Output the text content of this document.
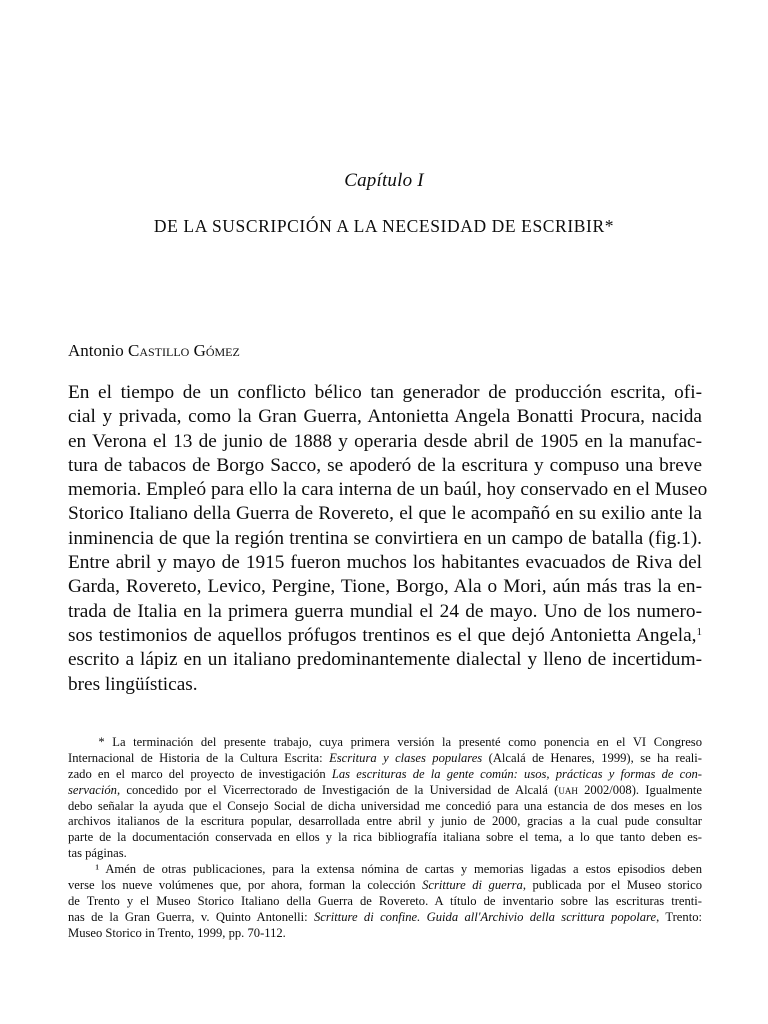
Capítulo I
DE LA SUSCRIPCIÓN A LA NECESIDAD DE ESCRIBIR*
Antonio Castillo Gómez
En el tiempo de un conflicto bélico tan generador de producción escrita, ofi-
cial y privada, como la Gran Guerra, Antonietta Angela Bonatti Procura, nacida
en Verona el 13 de junio de 1888 y operaria desde abril de 1905 en la manufac-
tura de tabacos de Borgo Sacco, se apoderó de la escritura y compuso una breve
memoria. Empleó para ello la cara interna de un baúl, hoy conservado en el Museo
Storico Italiano della Guerra de Rovereto, el que le acompañó en su exilio ante la
inminencia de que la región trentina se convirtiera en un campo de batalla (fig.1).
Entre abril y mayo de 1915 fueron muchos los habitantes evacuados de Riva del
Garda, Rovereto, Levico, Pergine, Tione, Borgo, Ala o Mori, aún más tras la en-
trada de Italia en la primera guerra mundial el 24 de mayo. Uno de los numero-
sos testimonios de aquellos prófugos trentinos es el que dejó Antonietta Angela,$^1$
escrito a lápiz en un italiano predominantemente dialectal y lleno de incertidum-
bres lingüísticas.
* La terminación del presente trabajo, cuya primera versión la presenté como ponencia en el VI Congreso
Internacional de Historia de la Cultura Escrita: Escritura y clases populares (Alcalá de Henares, 1999), se ha reali-
zado en el marco del proyecto de investigación Las escrituras de la gente común: usos, prácticas y formas de con-
servación, concedido por el Vicerrectorado de Investigación de la Universidad de Alcalá (uah 2002/008). Igualmente
debo señalar la ayuda que el Consejo Social de dicha universidad me concedió para una estancia de dos meses en los
archivos italianos de la escritura popular, desarrollada entre abril y junio de 2000, gracias a la cual pude consultar
parte de la documentación conservada en ellos y la rica bibliografía italiana sobre el tema, a lo que tanto deben es-
tas páginas.
¹ Amén de otras publicaciones, para la extensa nómina de cartas y memorias ligadas a estos episodios deben
verse los nueve volúmenes que, por ahora, forman la colección Scritture di guerra, publicada por el Museo storico
de Trento y el Museo Storico Italiano della Guerra de Rovereto. A título de inventario sobre las escrituras trenti-
nas de la Gran Guerra, v. Quinto Antonelli: Scritture di confine. Guida all'Archivio della scrittura popolare, Trento:
Museo Storico in Trento, 1999, pp. 70-112.
